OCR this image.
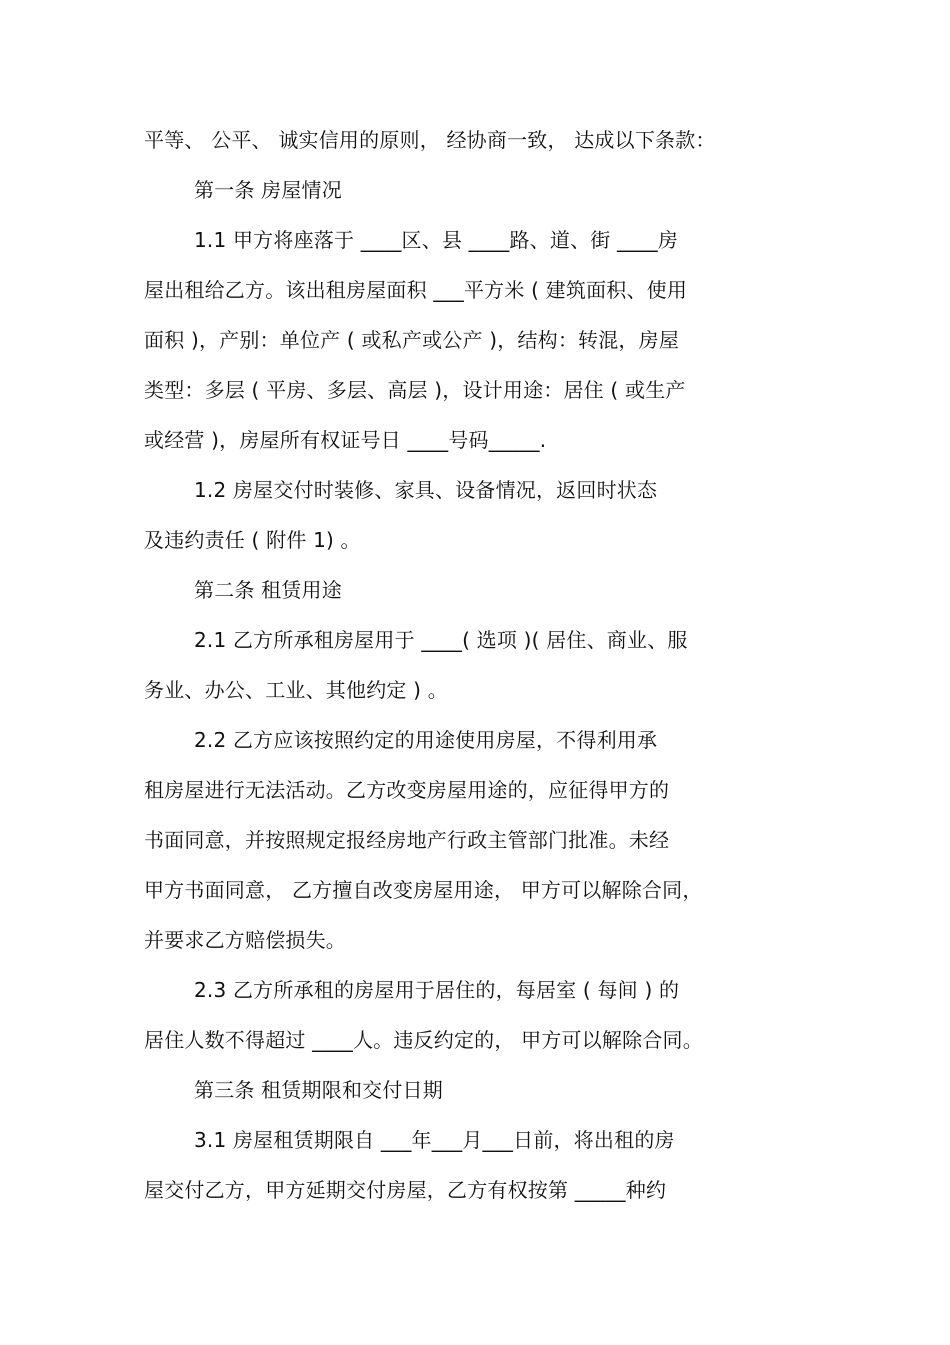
平等、 公平、 诚实信用的原则， 经协商一致， 达成以下条款：
第一条 房屋情况
1.1 甲方将座落于 ____区、县 ____路、道、街 ____房
屋出租给乙方。该出租房屋面积 ___平方米 ( 建筑面积、使用
面积 )，产别：单位产 ( 或私产或公产 )，结构：转混，房屋
类型：多层 ( 平房、多层、高层 )，设计用途：居住 ( 或生产
或经营 )，房屋所有权证号日 ____号码_____.
1.2 房屋交付时装修、家具、设备情况，返回时状态
及违约责任 ( 附件 1) 。
第二条 租赁用途
2.1 乙方所承租房屋用于 ____( 选项 )( 居住、商业、服
务业、办公、工业、其他约定 ) 。
2.2 乙方应该按照约定的用途使用房屋，不得利用承
租房屋进行无法活动。乙方改变房屋用途的，应征得甲方的
书面同意，并按照规定报经房地产行政主管部门批准。未经
甲方书面同意， 乙方擅自改变房屋用途， 甲方可以解除合同，
并要求乙方赔偿损失。
2.3 乙方所承租的房屋用于居住的，每居室 ( 每间 ) 的
居住人数不得超过 ____人。违反约定的， 甲方可以解除合同。
第三条 租赁期限和交付日期
3.1 房屋租赁期限自 ___年___月___日前，将出租的房
屋交付乙方，甲方延期交付房屋，乙方有权按第 _____种约
